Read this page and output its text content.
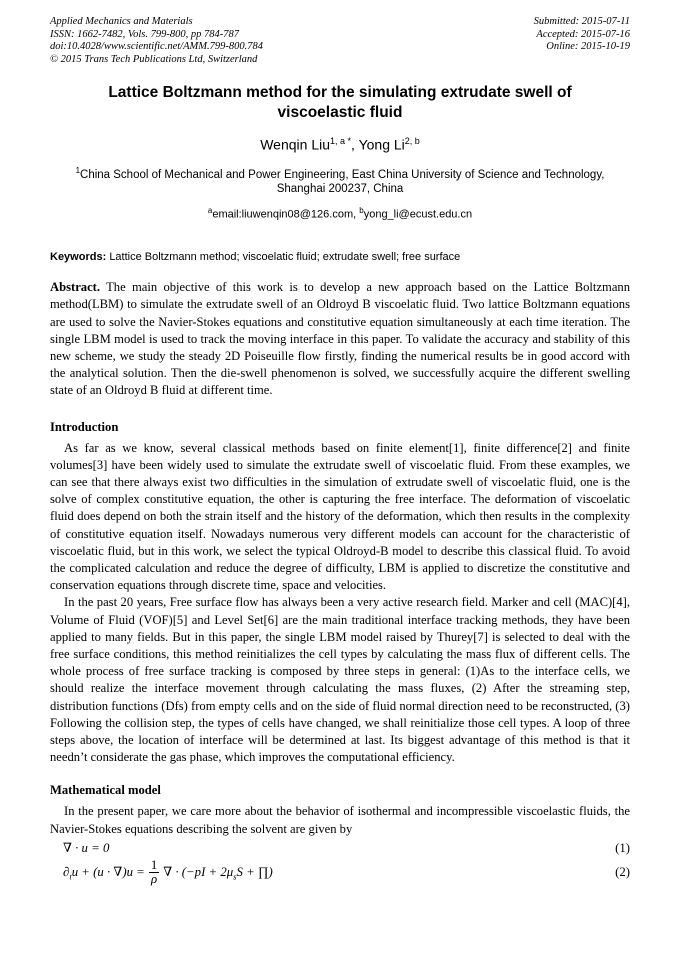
Applied Mechanics and Materials
ISSN: 1662-7482, Vols. 799-800, pp 784-787
doi:10.4028/www.scientific.net/AMM.799-800.784
© 2015 Trans Tech Publications Ltd, Switzerland
Submitted: 2015-07-11
Accepted: 2015-07-16
Online: 2015-10-19
Lattice Boltzmann method for the simulating extrudate swell of viscoelastic fluid
Wenqin Liu$^{1, a *}$, Yong Li$^{2, b}$
$^1$China School of Mechanical and Power Engineering, East China University of Science and Technology, Shanghai 200237, China
$^a$email:liuwenqin08@126.com, $^b$yong_li@ecust.edu.cn
Keywords: Lattice Boltzmann method; viscoelatic fluid; extrudate swell; free surface

Abstract. The main objective of this work is to develop a new approach based on the Lattice Boltzmann method(LBM) to simulate the extrudate swell of an Oldroyd B viscoelatic fluid. Two lattice Boltzmann equations are used to solve the Navier-Stokes equations and constitutive equation simultaneously at each time iteration. The single LBM model is used to track the moving interface in this paper. To validate the accuracy and stability of this new scheme, we study the steady 2D Poiseuille flow firstly, finding the numerical results be in good accord with the analytical solution. Then the die-swell phenomenon is solved, we successfully acquire the different swelling state of an Oldroyd B fluid at different time.

Introduction

As far as we know, several classical methods based on finite element[1], finite difference[2] and finite volumes[3] have been widely used to simulate the extrudate swell of viscoelatic fluid. From these examples, we can see that there always exist two difficulties in the simulation of extrudate swell of viscoelatic fluid, one is the solve of complex constitutive equation, the other is capturing the free interface. The deformation of viscoelatic fluid does depend on both the strain itself and the history of the deformation, which then results in the complexity of constitutive equation itself. Nowadays numerous very different models can account for the characteristic of viscoelatic fluid, but in this work, we select the typical Oldroyd-B model to describe this classical fluid. To avoid the complicated calculation and reduce the degree of difficulty, LBM is applied to discretize the constitutive and conservation equations through discrete time, space and velocities.

In the past 20 years, Free surface flow has always been a very active research field. Marker and cell (MAC)[4], Volume of Fluid (VOF)[5] and Level Set[6] are the main traditional interface tracking methods, they have been applied to many fields. But in this paper, the single LBM model raised by Thurey[7] is selected to deal with the free surface conditions, this method reinitializes the cell types by calculating the mass flux of different cells. The whole process of free surface tracking is composed by three steps in general: (1)As to the interface cells, we should realize the interface movement through calculating the mass fluxes, (2) After the streaming step, distribution functions (Dfs) from empty cells and on the side of fluid normal direction need to be reconstructed, (3) Following the collision step, the types of cells have changed, we shall reinitialize those cell types. A loop of three steps above, the location of interface will be determined at last. Its biggest advantage of this method is that it needn’t considerate the gas phase, which improves the computational efficiency.

Mathematical model

In the present paper, we care more about the behavior of isothermal and incompressible viscoelastic fluids, the Navier-Stokes equations describing the solvent are given by

∇ · u = 0	(1)
$\partial_tu + (u \cdot \nabla)u = \frac{1}{\rho}$ ∇ · ($-pI + 2\mu_sS$ + ∏)	(2)
